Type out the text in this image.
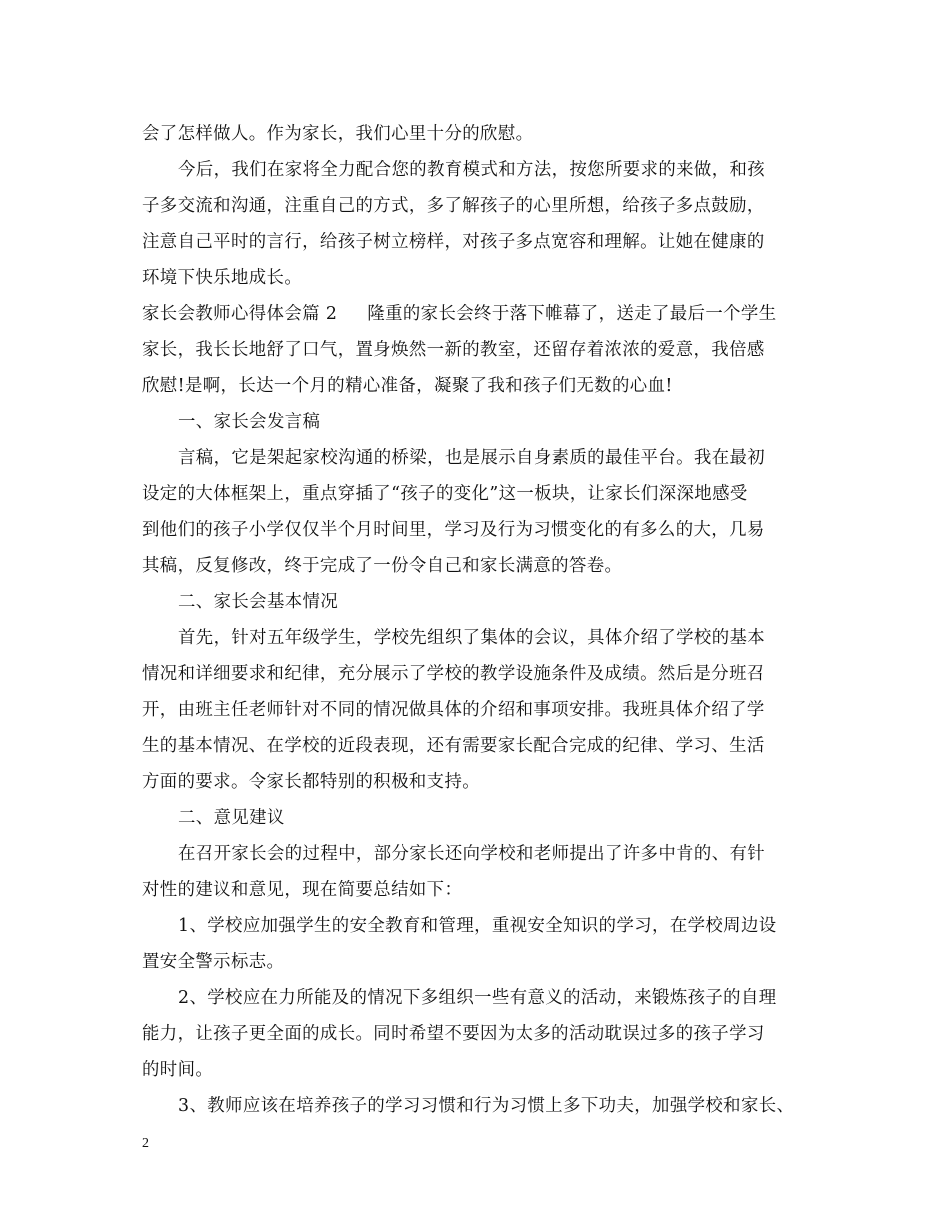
会了怎样做人。作为家长，我们心里十分的欣慰。
今后，我们在家将全力配合您的教育模式和方法，按您所要求的来做，和孩
子多交流和沟通，注重自己的方式，多了解孩子的心里所想，给孩子多点鼓励，
注意自己平时的言行，给孩子树立榜样，对孩子多点宽容和理解。让她在健康的
环境下快乐地成长。
家长会教师心得体会篇 2 隆重的家长会终于落下帷幕了，送走了最后一个学生
家长，我长长地舒了口气，置身焕然一新的教室，还留存着浓浓的爱意，我倍感
欣慰!是啊，长达一个月的精心准备，凝聚了我和孩子们无数的心血!
一、家长会发言稿
言稿，它是架起家校沟通的桥梁，也是展示自身素质的最佳平台。我在最初
设定的大体框架上，重点穿插了“孩子的变化”这一板块，让家长们深深地感受
到他们的孩子小学仅仅半个月时间里，学习及行为习惯变化的有多么的大，几易
其稿，反复修改，终于完成了一份令自己和家长满意的答卷。
二、家长会基本情况
首先，针对五年级学生，学校先组织了集体的会议，具体介绍了学校的基本
情况和详细要求和纪律，充分展示了学校的教学设施条件及成绩。然后是分班召
开，由班主任老师针对不同的情况做具体的介绍和事项安排。我班具体介绍了学
生的基本情况、在学校的近段表现，还有需要家长配合完成的纪律、学习、生活
方面的要求。令家长都特别的积极和支持。
二、意见建议
在召开家长会的过程中，部分家长还向学校和老师提出了许多中肯的、有针
对性的建议和意见，现在简要总结如下：
1、学校应加强学生的安全教育和管理，重视安全知识的学习，在学校周边设
置安全警示标志。
2、学校应在力所能及的情况下多组织一些有意义的活动，来锻炼孩子的自理
能力，让孩子更全面的成长。同时希望不要因为太多的活动耽误过多的孩子学习
的时间。
3、教师应该在培养孩子的学习习惯和行为习惯上多下功夫，加强学校和家长、
2
